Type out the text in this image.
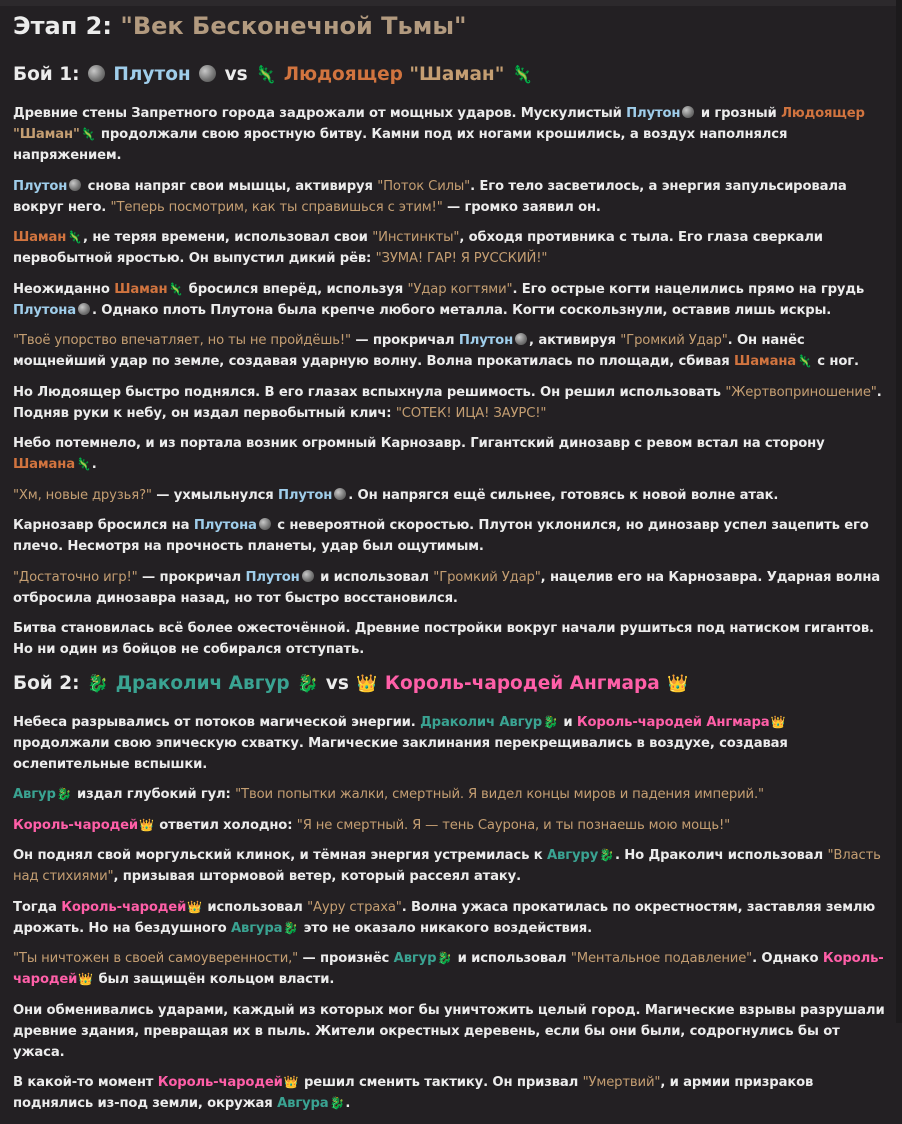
Этап 2: "Век Бесконечной Тьмы"
Бой 1: Плутон vs 🦎 Людоящер "Шаман" 🦎

Древние стены Запретного города задрожали от мощных ударов. Мускулистый Плутон и грозный Людоящер "Шаман"🦎 продолжали свою яростную битву. Камни под их ногами крошились, а воздух наполнялся напряжением.

Плутон снова напряг свои мышцы, активируя "Поток Силы". Его тело засветилось, а энергия запульсировала вокруг него. "Теперь посмотрим, как ты справишься с этим!" — громко заявил он.

Шаман🦎, не теряя времени, использовал свои "Инстинкты", обходя противника с тыла. Его глаза сверкали первобытной яростью. Он выпустил дикий рёв: "ЗУМА! ГАР! Я РУССКИЙ!"

Неожиданно Шаман🦎 бросился вперёд, используя "Удар когтями". Его острые когти нацелились прямо на грудь Плутона . Однако плоть Плутона была крепче любого металла. Когти соскользнули, оставив лишь искры.

"Твоё упорство впечатляет, но ты не пройдёшь!" — прокричал Плутон , активируя "Громкий Удар". Он нанёс мощнейший удар по земле, создавая ударную волну. Волна прокатилась по площади, сбивая Шамана🦎 с ног.

Но Людоящер быстро поднялся. В его глазах вспыхнула решимость. Он решил использовать "Жертвоприношение". Подняв руки к небу, он издал первобытный клич: "СОТЕК! ИЦА! ЗАУРС!"

Небо потемнело, и из портала возник огромный Карнозавр. Гигантский динозавр с ревом встал на сторону Шамана🦎.

"Хм, новые друзья?" — ухмыльнулся Плутон . Он напрягся ещё сильнее, готовясь к новой волне атак.

Карнозавр бросился на Плутона с невероятной скоростью. Плутон уклонился, но динозавр успел зацепить его плечо. Несмотря на прочность планеты, удар был ощутимым.

"Достаточно игр!" — прокричал Плутон и использовал "Громкий Удар", нацелив его на Карнозавра. Ударная волна отбросила динозавра назад, но тот быстро восстановился.

Битва становилась всё более ожесточённой. Древние постройки вокруг начали рушиться под натиском гигантов. Но ни один из бойцов не собирался отступать.

Бой 2: 🐉 Дракoлич Авгур 🐉 vs 👑 Король-чародей Ангмара 👑

Небеса разрывались от потоков магической энергии. Дракoлич Авгур🐉 и Король-чародей Ангмара👑 продолжали свою эпическую схватку. Магические заклинания перекрещивались в воздухе, создавая ослепительные вспышки.

Авгур🐉 издал глубокий гул: "Твои попытки жалки, смертный. Я видел концы миров и падения империй."

Король-чародей👑 ответил холодно: "Я не смертный. Я — тень Саурона, и ты познаешь мою мощь!"

Он поднял свой моргульский клинок, и тёмная энергия устремилась к Авгуру🐉. Но Дракoлич использовал "Власть над стихиями", призывая штормовой ветер, который рассеял атаку.

Тогда Король-чародей👑 использовал "Ауру страха". Волна ужаса прокатилась по окрестностям, заставляя землю дрожать. Но на бездушного Авгура🐉 это не оказало никакого воздействия.

"Ты ничтожен в своей самоуверенности," — произнёс Авгур🐉 и использовал "Ментальное подавление". Однако Король-чародей👑 был защищён кольцом власти.

Они обменивались ударами, каждый из которых мог бы уничтожить целый город. Магические взрывы разрушали древние здания, превращая их в пыль. Жители окрестных деревень, если бы они были, содрогнулись бы от ужаса.

В какой-то момент Король-чародей👑 решил сменить тактику. Он призвал "Умертвий", и армии призраков поднялись из-под земли, окружая Авгура🐉.
